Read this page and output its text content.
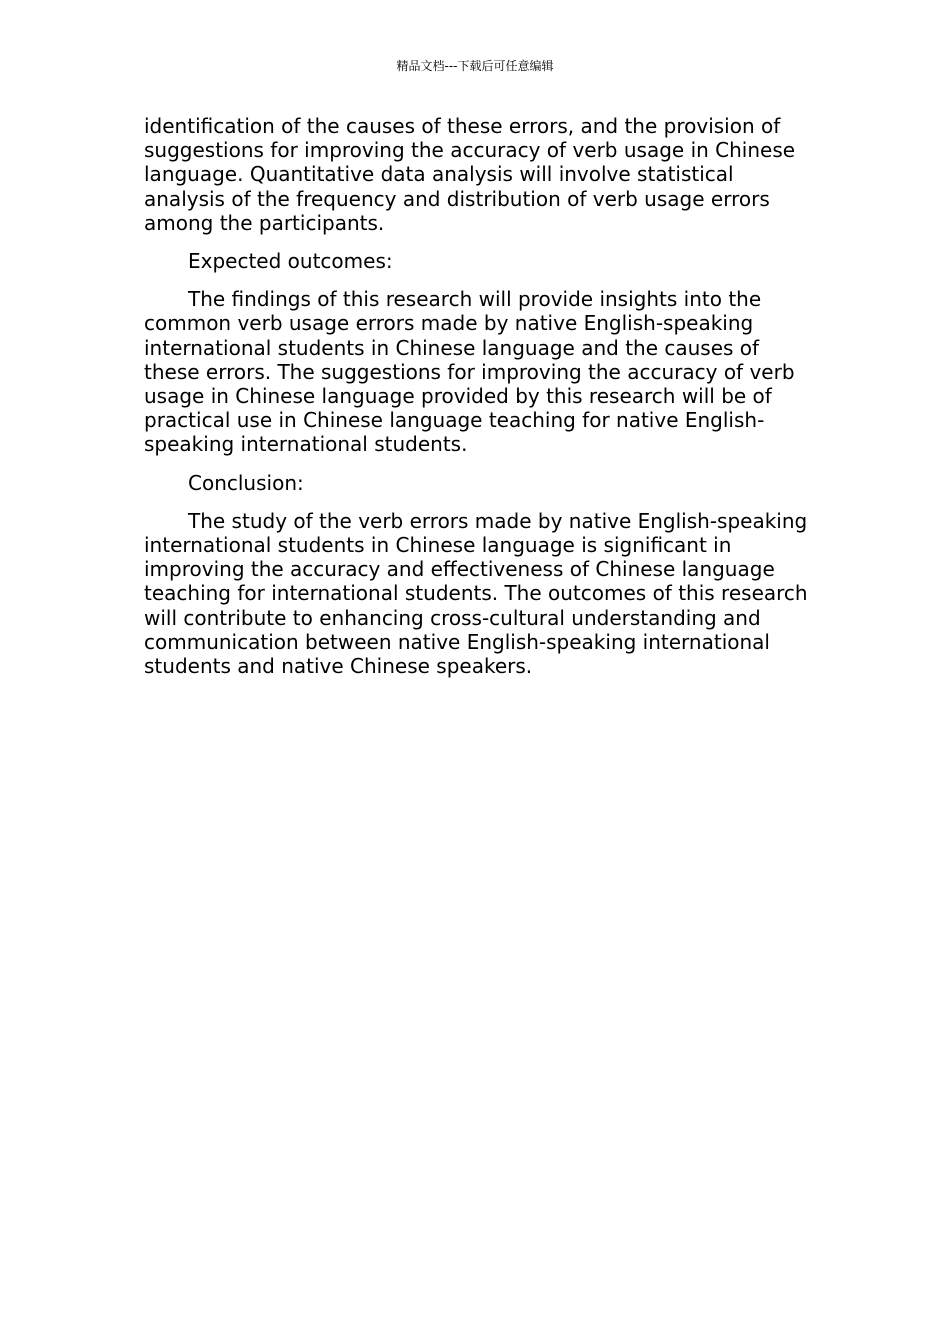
精品文档---下载后可任意编辑

identification of the causes of these errors, and the provision of suggestions for improving the accuracy of verb usage in Chinese language. Quantitative data analysis will involve statistical analysis of the frequency and distribution of verb usage errors among the participants.

Expected outcomes:

The findings of this research will provide insights into the common verb usage errors made by native English-speaking international students in Chinese language and the causes of these errors. The suggestions for improving the accuracy of verb usage in Chinese language provided by this research will be of practical use in Chinese language teaching for native English-speaking international students.

Conclusion:

The study of the verb errors made by native English-speaking international students in Chinese language is significant in improving the accuracy and effectiveness of Chinese language teaching for international students. The outcomes of this research will contribute to enhancing cross-cultural understanding and communication between native English-speaking international students and native Chinese speakers.
